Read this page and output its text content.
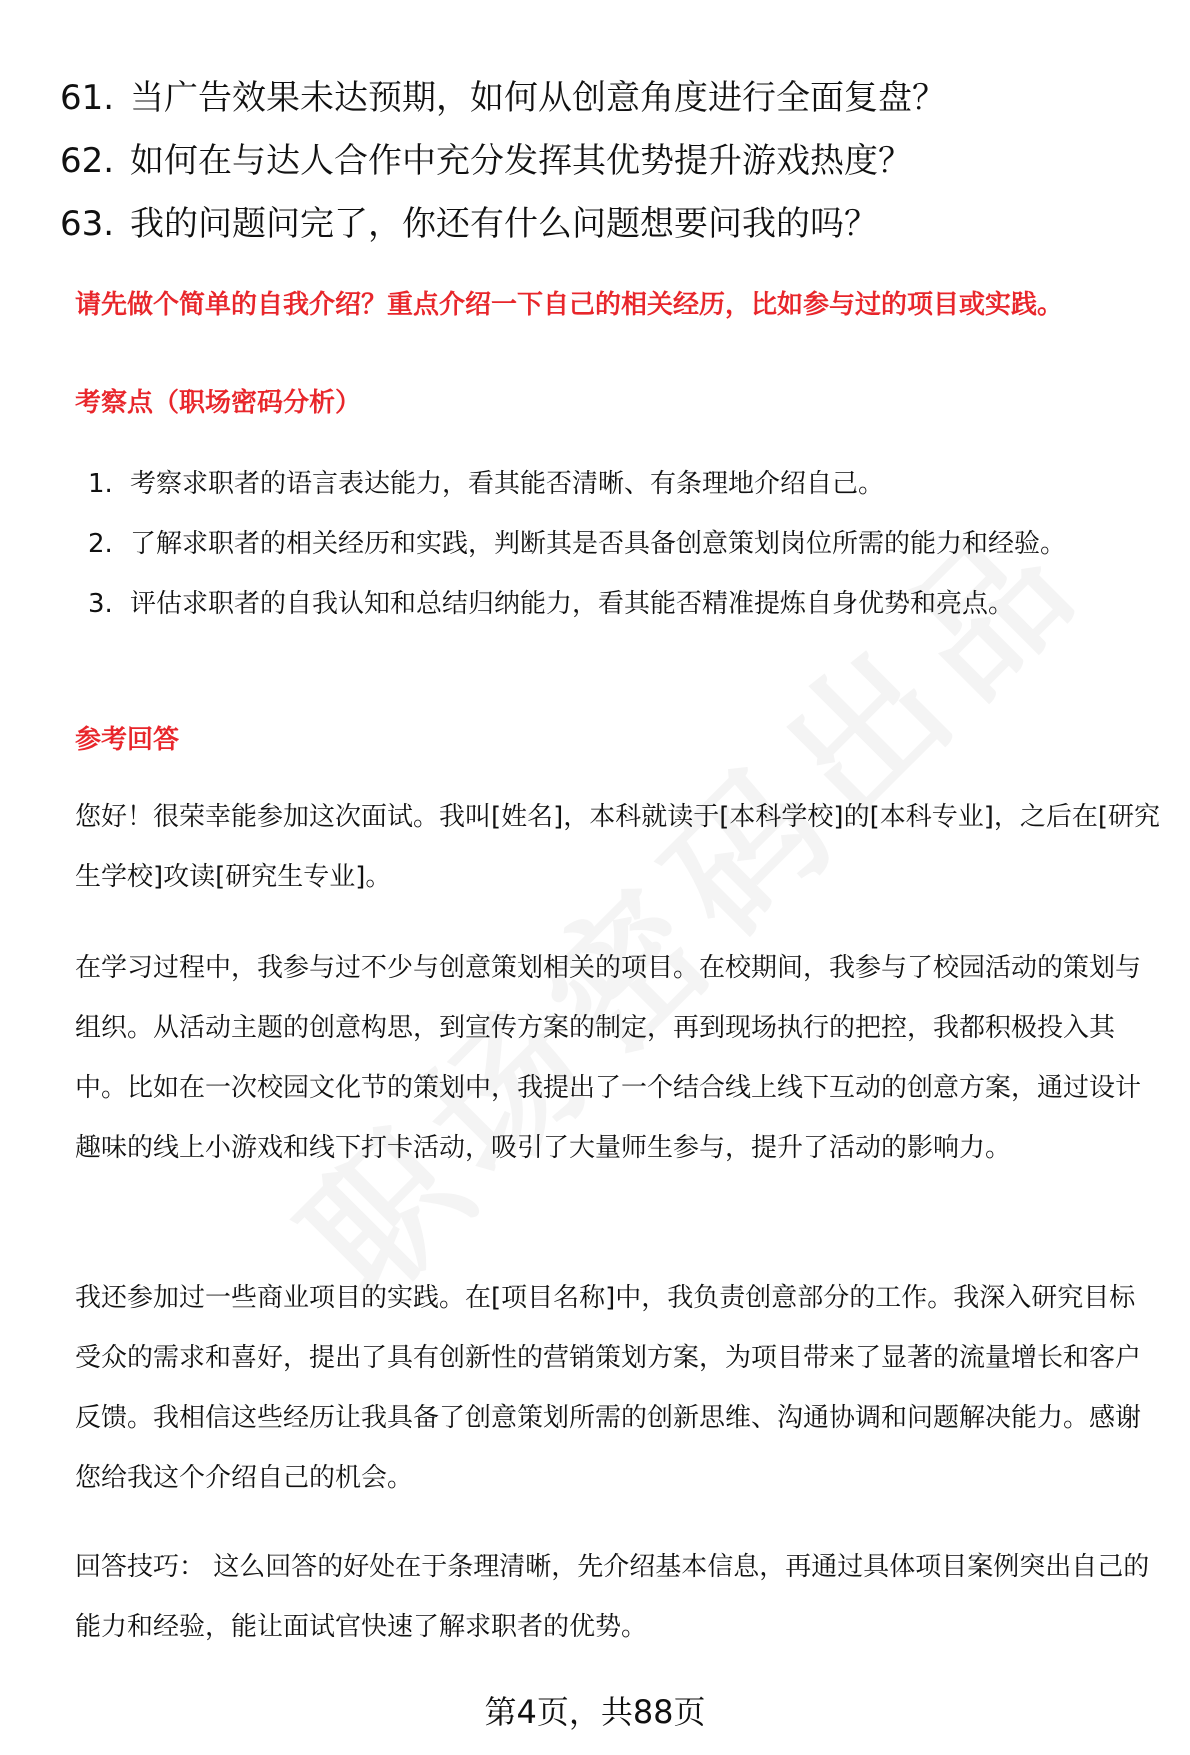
61. 当广告效果未达预期，如何从创意角度进行全面复盘？
62. 如何在与达人合作中充分发挥其优势提升游戏热度？
63. 我的问题问完了，你还有什么问题想要问我的吗？
请先做个简单的自我介绍？重点介绍一下自己的相关经历，比如参与过的项目或实践。
考察点（职场密码分析）
1. 考察求职者的语言表达能力，看其能否清晰、有条理地介绍自己。
2. 了解求职者的相关经历和实践，判断其是否具备创意策划岗位所需的能力和经验。
3. 评估求职者的自我认知和总结归纳能力，看其能否精准提炼自身优势和亮点。
参考回答

您好！很荣幸能参加这次面试。我叫[姓名]，本科就读于[本科学校]的[本科专业]，之后在[研究生学校]攻读[研究生专业]。

在学习过程中，我参与过不少与创意策划相关的项目。在校期间，我参与了校园活动的策划与组织。从活动主题的创意构思，到宣传方案的制定，再到现场执行的把控，我都积极投入其中。比如在一次校园文化节的策划中，我提出了一个结合线上线下互动的创意方案，通过设计趣味的线上小游戏和线下打卡活动，吸引了大量师生参与，提升了活动的影响力。

我还参加过一些商业项目的实践。在[项目名称]中，我负责创意部分的工作。我深入研究目标受众的需求和喜好，提出了具有创新性的营销策划方案，为项目带来了显著的流量增长和客户反馈。我相信这些经历让我具备了创意策划所需的创新思维、沟通协调和问题解决能力。感谢您给我这个介绍自己的机会。

回答技巧： 这么回答的好处在于条理清晰，先介绍基本信息，再通过具体项目案例突出自己的能力和经验，能让面试官快速了解求职者的优势。

第4页，共88页
